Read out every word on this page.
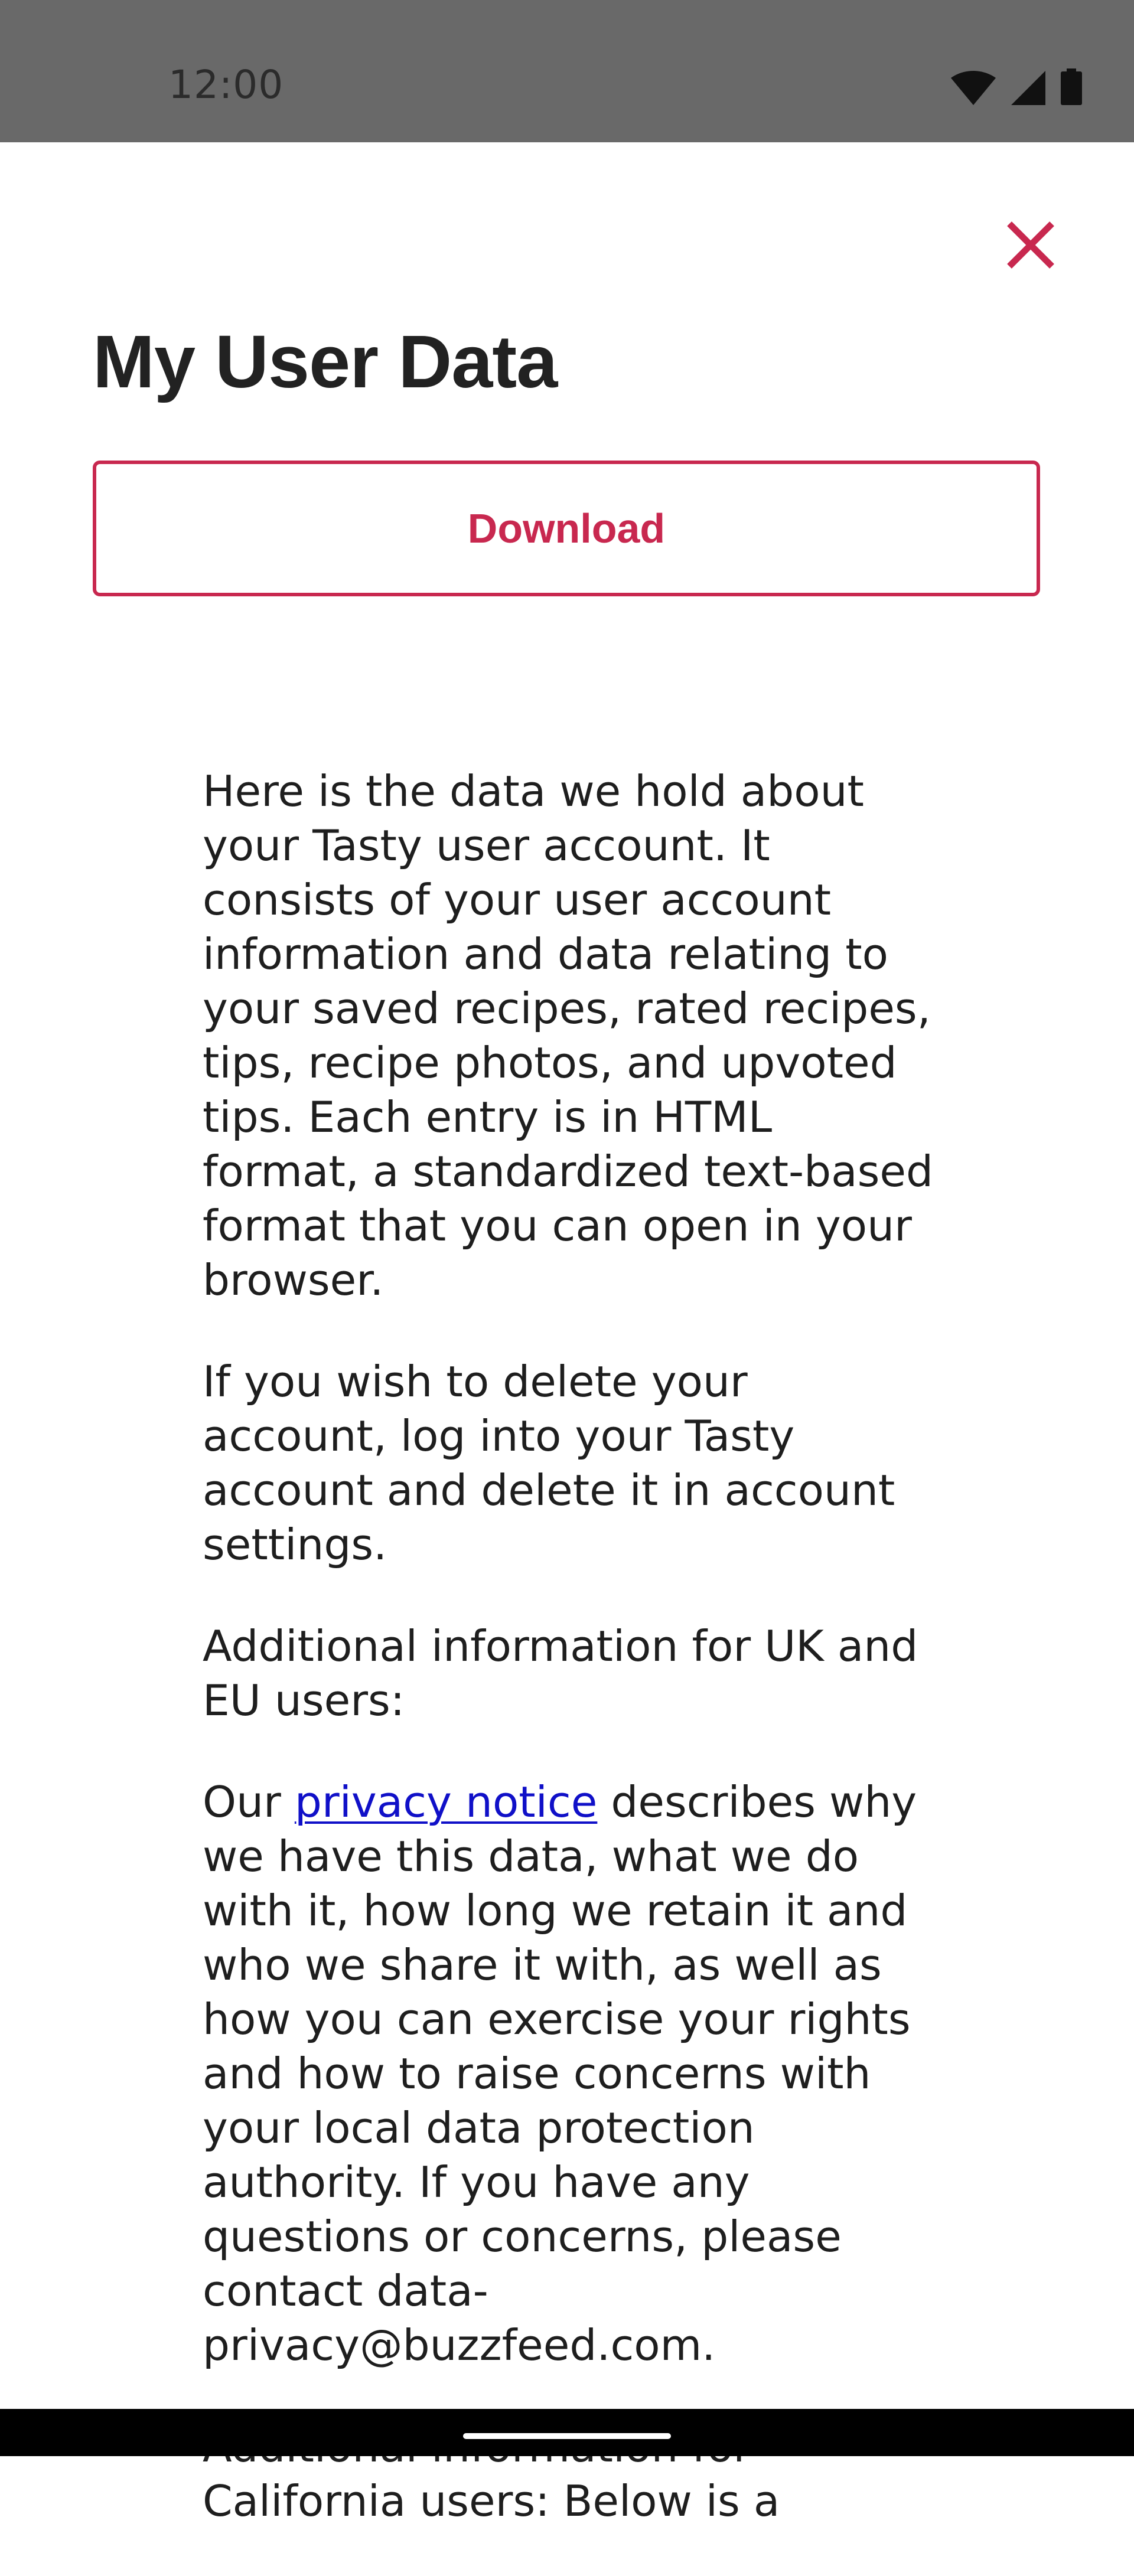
12:00
My User Data
Download

Here is the data we hold about your Tasty user account. It consists of your user account information and data relating to your saved recipes, rated recipes, tips, recipe photos, and upvoted tips. Each entry is in HTML format, a standardized text-based format that you can open in your browser.

If you wish to delete your account, log into your Tasty account and delete it in account settings.

Additional information for UK and EU users:

Our privacy notice describes why we have this data, what we do with it, how long we retain it and who we share it with, as well as how you can exercise your rights and how to raise concerns with your local data protection authority. If you have any questions or concerns, please contact data-privacy@buzzfeed.com.

California users: Below is a
